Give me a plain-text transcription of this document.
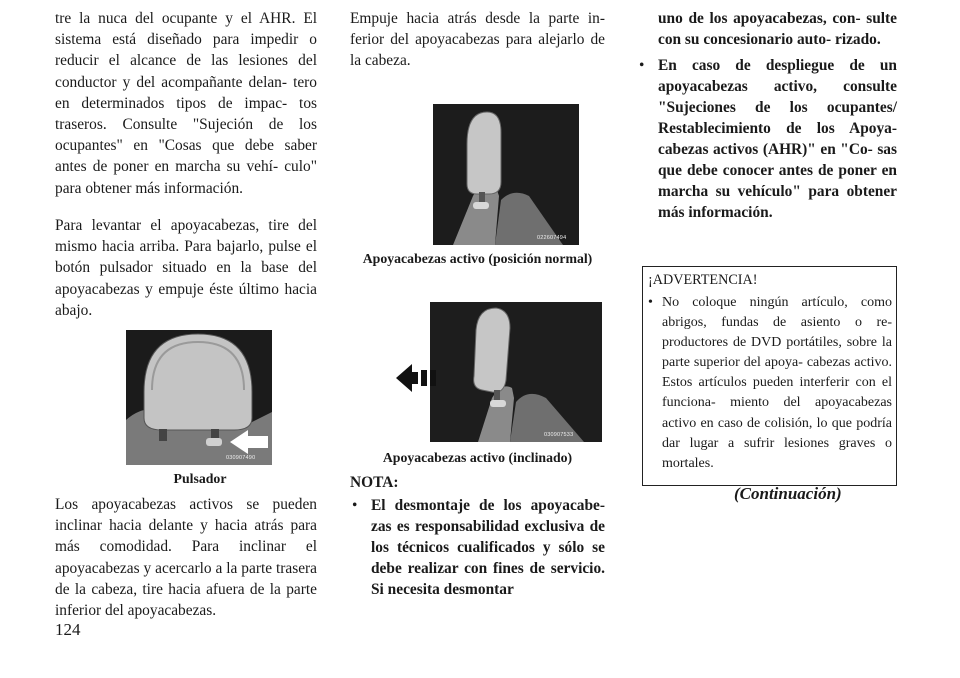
tre la nuca del ocupante y el AHR. El sistema está diseñado para impedir o reducir el alcance de las lesiones del conductor y del acompañante delan- tero en determinados tipos de impac- tos traseros. Consulte "Sujeción de los ocupantes" en "Cosas que debe saber antes de poner en marcha su vehí- culo" para obtener más información.

Para levantar el apoyacabezas, tire del mismo hacia arriba. Para bajarlo, pulse el botón pulsador situado en la base del apoyacabezas y empuje éste último hacia abajo.

030907490
Pulsador

Los apoyacabezas activos se pueden inclinar hacia delante y hacia atrás para más comodidad. Para inclinar el apoyacabezas y acercarlo a la parte trasera de la cabeza, tire hacia afuera de la parte inferior del apoyacabezas.

Empuje hacia atrás desde la parte in- ferior del apoyacabezas para alejarlo de la cabeza.

022607494
Apoyacabezas activo (posición normal)
030907533
Apoyacabezas activo (inclinado)
NOTA:
• El desmontaje de los apoyacabe- zas es responsabilidad exclusiva de los técnicos cualificados y sólo se debe realizar con fines de servicio. Si necesita desmontar
uno de los apoyacabezas, con- sulte con su concesionario auto- rizado.
• En caso de despliegue de un apoyacabezas activo, consulte "Sujeciones de los ocupantes/ Restablecimiento de los Apoya- cabezas activos (AHR)" en "Co- sas que debe conocer antes de poner en marcha su vehículo" para obtener más información.
¡ADVERTENCIA!
• No coloque ningún artículo, como abrigos, fundas de asiento o re- productores de DVD portátiles, sobre la parte superior del apoya- cabezas activo. Estos artículos pueden interferir con el funciona- miento del apoyacabezas activo en caso de colisión, lo que podría dar lugar a sufrir lesiones graves o mortales.
(Continuación)
124
